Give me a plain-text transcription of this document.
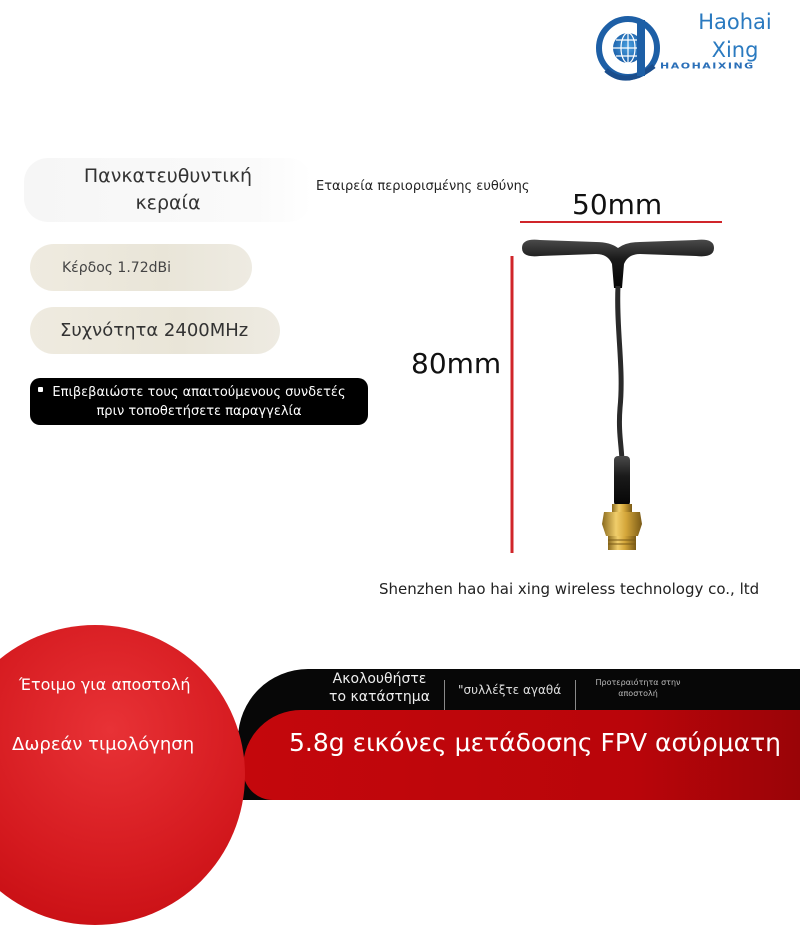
Haohai
Xing
HAOHAIXING
Πανκατευθυντική κεραία
Κέρδος 1.72dBi
Συχνότητα 2400MHz
Επιβεβαιώστε τους απαιτούμενους συνδετές πριν τοποθετήσετε παραγγελία
Εταιρεία περιορισμένης ευθύνης
50mm
80mm
Shenzhen hao hai xing wireless technology co., ltd
Έτοιμο για αποστολή
Δωρεάν τιμολόγηση
Ακολουθήστε το κατάστημα	"συλλέξτε αγαθά
Προτεραιότητα στην αποστολή
5.8g εικόνες μετάδοσης FPV ασύρματη
